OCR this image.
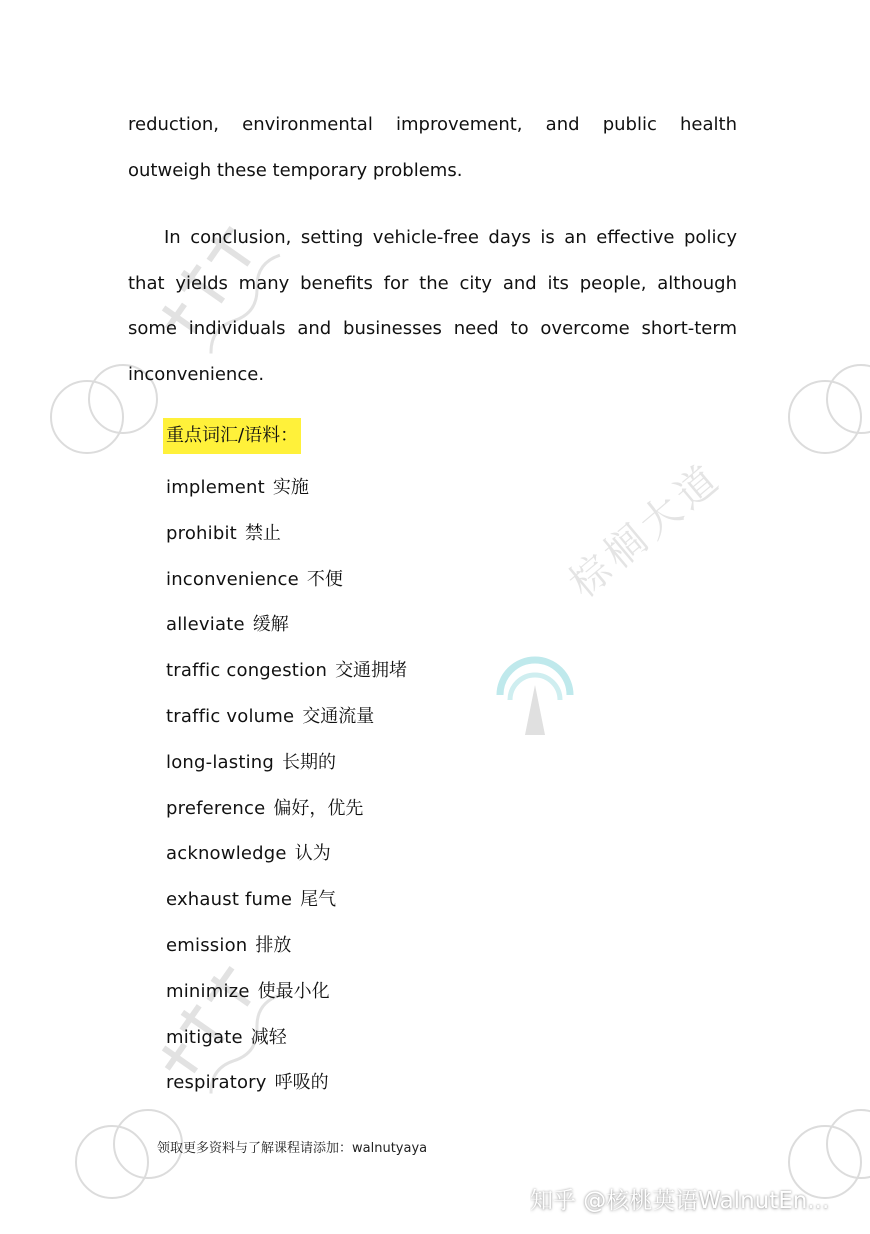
棕榈大道

reduction, environmental improvement, and public health outweigh these temporary problems.

In conclusion, setting vehicle-free days is an effective policy that yields many benefits for the city and its people, although some individuals and businesses need to overcome short-term inconvenience.

重点词汇/语料：
implement 实施
prohibit 禁止
inconvenience 不便
alleviate 缓解
traffic congestion 交通拥堵
traffic volume 交通流量
long-lasting 长期的
preference 偏好，优先
acknowledge 认为
exhaust fume 尾气
emission 排放
minimize 使最小化
mitigate 减轻
respiratory 呼吸的
领取更多资料与了解课程请添加：walnutyaya
知乎 @核桃英语WalnutEn...
